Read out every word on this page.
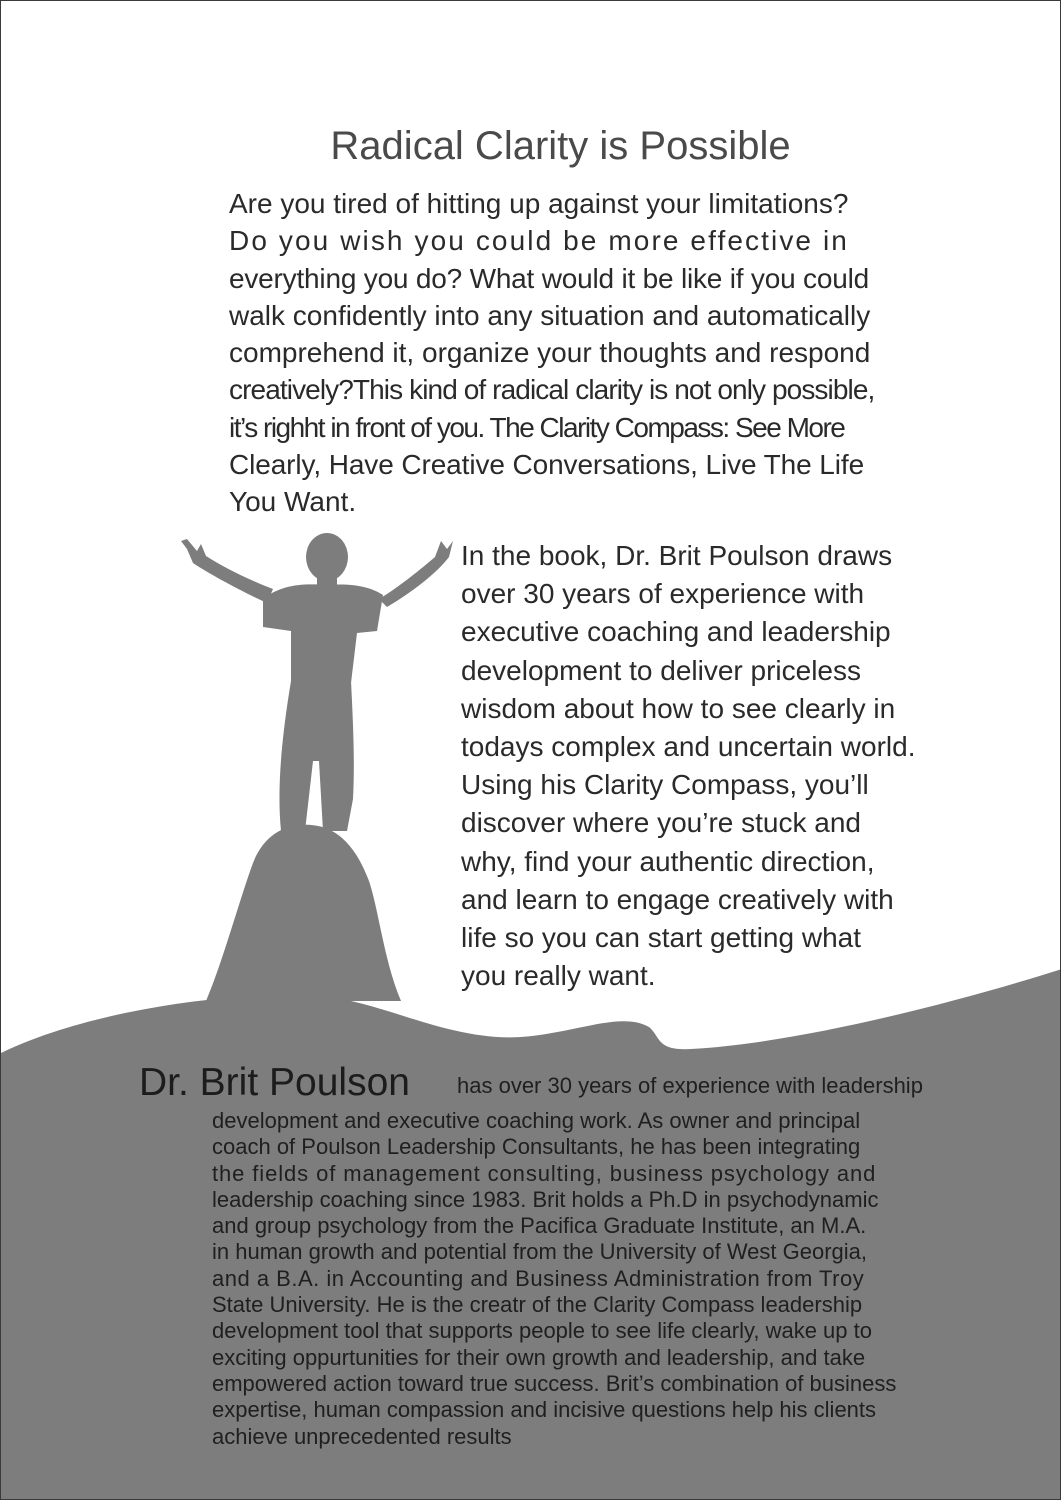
Radical Clarity is Possible
Are you tired of hitting up against your limitations?
Do you wish you could be more effective in
everything you do? What would it be like if you could
walk confidently into any situation and automatically
comprehend it, organize your thoughts and respond
creatively?This kind of radical clarity is not only possible,
it’s righht in front of you. The Clarity Compass: See More
Clearly, Have Creative Conversations, Live The Life
You Want.
In the book, Dr. Brit Poulson draws
over 30 years of experience with
executive coaching and leadership
development to deliver priceless
wisdom about how to see clearly in
todays complex and uncertain world.
Using his Clarity Compass, you’ll
discover where you’re stuck and
why, find your authentic direction,
and learn to engage creatively with
life so you can start getting what
you really want.
Dr. Brit Poulson has over 30 years of experience with leadership
development and executive coaching work. As owner and principal
coach of Poulson Leadership Consultants, he has been integrating
the fields of management consulting, business psychology and
leadership coaching since 1983. Brit holds a Ph.D in psychodynamic
and group psychology from the Pacifica Graduate Institute, an M.A.
in human growth and potential from the University of West Georgia,
and a B.A. in Accounting and Business Administration from Troy
State University. He is the creatr of the Clarity Compass leadership
development tool that supports people to see life clearly, wake up to
exciting oppurtunities for their own growth and leadership, and take
empowered action toward true success. Brit’s combination of business
expertise, human compassion and incisive questions help his clients
achieve unprecedented results
